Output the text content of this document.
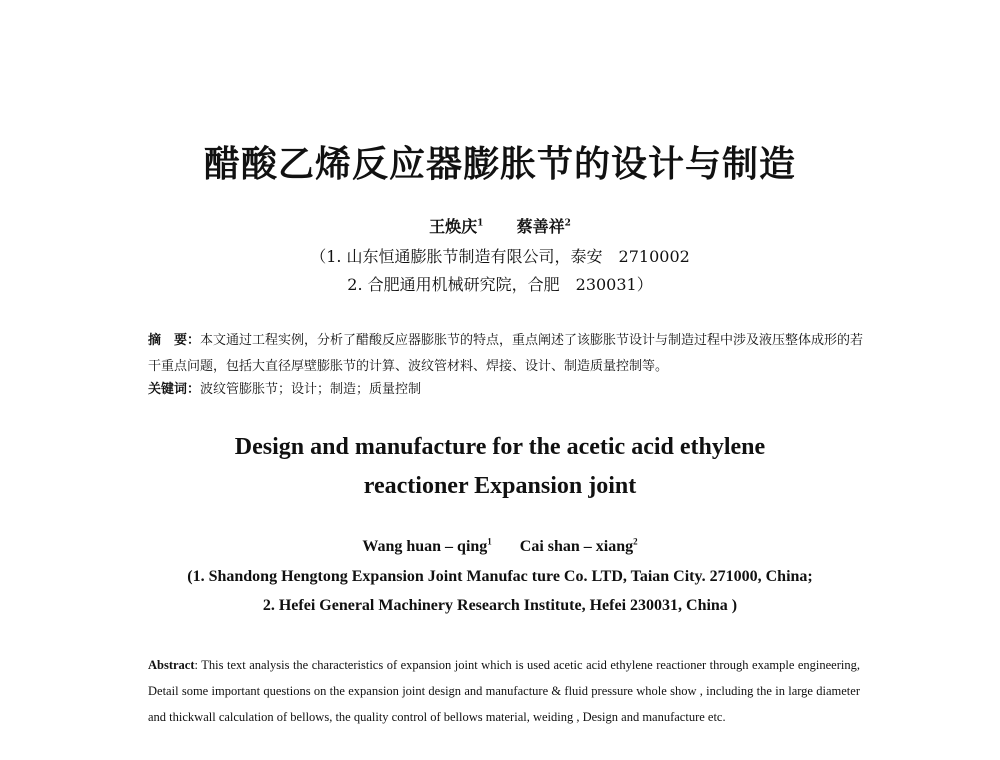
醋酸乙烯反应器膨胀节的设计与制造
王焕庆$^1$ 蔡善祥$^2$
（1. 山东恒通膨胀节制造有限公司，泰安　2710002
2. 合肥通用机械研究院，合肥　230031）
摘　要：本文通过工程实例，分析了醋酸反应器膨胀节的特点，重点阐述了该膨胀节设计与制造过程中涉及液压整体成形的若干重点问题，包括大直径厚壁膨胀节的计算、波纹管材料、焊接、设计、制造质量控制等。
关键词：波纹管膨胀节；设计；制造；质量控制
Design and manufacture for the acetic acid ethylene
reactioner Expansion joint
Wang huan – qing$^1$ Cai shan – xiang$^2$
(1. Shandong Hengtong Expansion Joint Manufac ture Co. LTD, Taian City. 271000, China;
2. Hefei General Machinery Research Institute, Hefei 230031, China )
Abstract: This text analysis the characteristics of expansion joint which is used acetic acid ethylene reactioner through example engineering, Detail some important questions on the expansion joint design and manufacture & fluid pressure whole show , including the in large diameter and thickwall calculation of bellows, the quality control of bellows material, weiding , Design and manufacture etc.
